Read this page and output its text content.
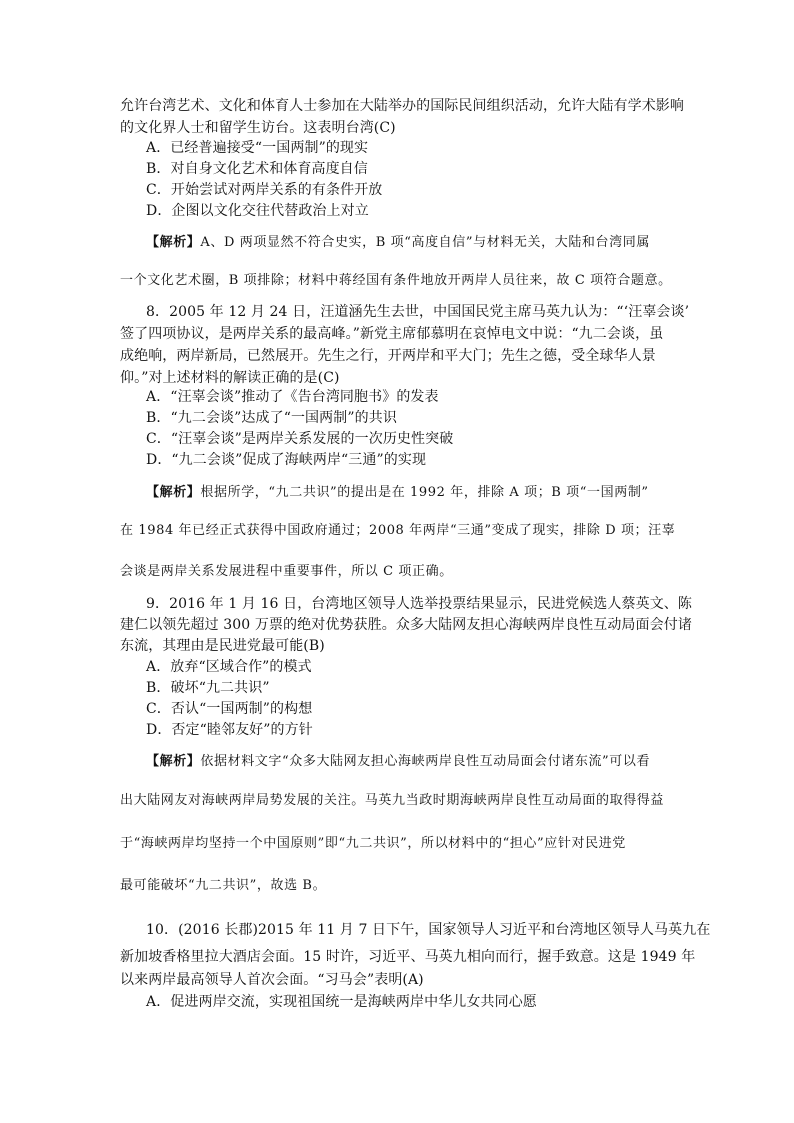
允许台湾艺术、文化和体育人士参加在大陆举办的国际民间组织活动，允许大陆有学术影响
的文化界人士和留学生访台。这表明台湾(C)
A．已经普遍接受“一国两制”的现实
B．对自身文化艺术和体育高度自信
C．开始尝试对两岸关系的有条件开放
D．企图以文化交往代替政治上对立
【解析】A、D 两项显然不符合史实，B 项“高度自信”与材料无关，大陆和台湾同属
一个文化艺术圈，B 项排除；材料中蒋经国有条件地放开两岸人员往来，故 C 项符合题意。
8．2005 年 12 月 24 日，汪道涵先生去世，中国国民党主席马英九认为：“‘汪辜会谈’
签了四项协议，是两岸关系的最高峰。”新党主席郁慕明在哀悼电文中说：“九二会谈，虽
成绝响，两岸新局，已然展开。先生之行，开两岸和平大门；先生之德，受全球华人景
仰。”对上述材料的解读正确的是(C)
A．“汪辜会谈”推动了《告台湾同胞书》的发表
B．“九二会谈”达成了“一国两制”的共识
C．“汪辜会谈”是两岸关系发展的一次历史性突破
D．“九二会谈”促成了海峡两岸“三通”的实现
【解析】根据所学，“九二共识”的提出是在 1992 年，排除 A 项；B 项“一国两制”
在 1984 年已经正式获得中国政府通过；2008 年两岸“三通”变成了现实，排除 D 项；汪辜
会谈是两岸关系发展进程中重要事件，所以 C 项正确。
9．2016 年 1 月 16 日，台湾地区领导人选举投票结果显示，民进党候选人蔡英文、陈
建仁以领先超过 300 万票的绝对优势获胜。众多大陆网友担心海峡两岸良性互动局面会付诸
东流，其理由是民进党最可能(B)
A．放弃“区域合作”的模式
B．破坏“九二共识”
C．否认“一国两制”的构想
D．否定“睦邻友好”的方针
【解析】依据材料文字“众多大陆网友担心海峡两岸良性互动局面会付诸东流”可以看
出大陆网友对海峡两岸局势发展的关注。马英九当政时期海峡两岸良性互动局面的取得得益
于“海峡两岸均坚持一个中国原则”即“九二共识”，所以材料中的“担心”应针对民进党
最可能破坏“九二共识”，故选 B。
10．(2016 长郡)2015 年 11 月 7 日下午，国家领导人习近平和台湾地区领导人马英九在
新加坡香格里拉大酒店会面。15 时许，习近平、马英九相向而行，握手致意。这是 1949 年
以来两岸最高领导人首次会面。“习马会”表明(A)
A．促进两岸交流，实现祖国统一是海峡两岸中华儿女共同心愿
